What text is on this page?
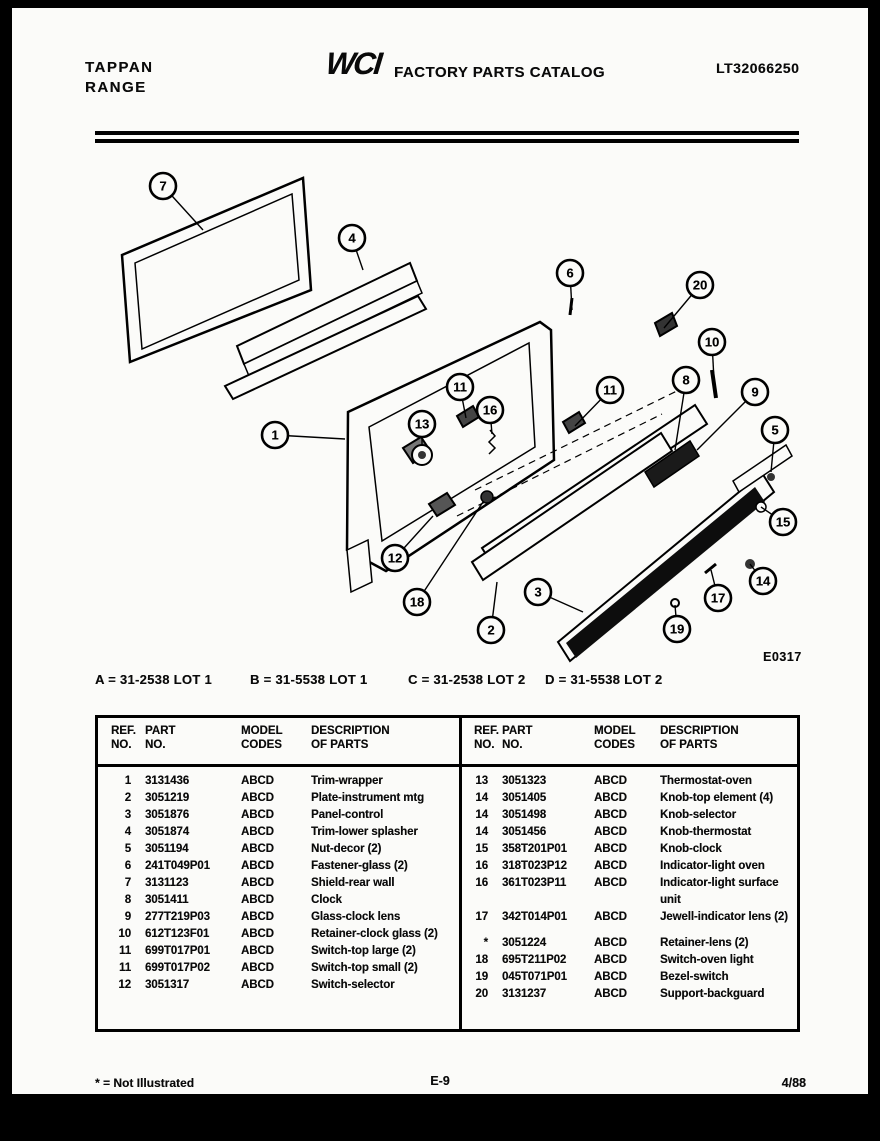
TAPPAN
RANGE
WCI FACTORY PARTS CATALOG	LT32066250
7
4
6
20
11
16
11
10
8
9
5
13
1
15
12
18
2
3
19
17
14
E0317
A = 31-2538 LOT 1	B = 31-5538 LOT 1	C = 31-2538 LOT 2 D = 31-5538 LOT 2
REF.
NO.
PART
NO.
MODEL
CODES
DESCRIPTION
OF PARTS
1	3131436	ABCD	Trim-wrapper
2	3051219	ABCD	Plate-instrument mtg
3	3051876	ABCD	Panel-control
4	3051874	ABCD	Trim-lower splasher
5	3051194	ABCD	Nut-decor (2)
6	241T049P01	ABCD	Fastener-glass (2)
7	3131123	ABCD	Shield-rear wall
8	3051411	ABCD	Clock
9	277T219P03	ABCD	Glass-clock lens
10	612T123F01	ABCD	Retainer-clock glass (2)
11	699T017P01	ABCD	Switch-top large (2)
11	699T017P02	ABCD	Switch-top small (2)
12	3051317	ABCD	Switch-selector
REF.
NO.
PART
NO.
MODEL
CODES
DESCRIPTION
OF PARTS
13	3051323	ABCD	Thermostat-oven
14	3051405	ABCD	Knob-top element (4)
14	3051498	ABCD	Knob-selector
14	3051456	ABCD	Knob-thermostat
15	358T201P01	ABCD	Knob-clock
16	318T023P12	ABCD	Indicator-light oven
16	361T023P11	ABCD	Indicator-light surface unit
17	342T014P01	ABCD	Jewell-indicator lens (2)
*	3051224	ABCD	Retainer-lens (2)
18	695T211P02	ABCD	Switch-oven light
19	045T071P01	ABCD	Bezel-switch
20	3131237	ABCD	Support-backguard
* = Not Illustrated	E-9	4/88
